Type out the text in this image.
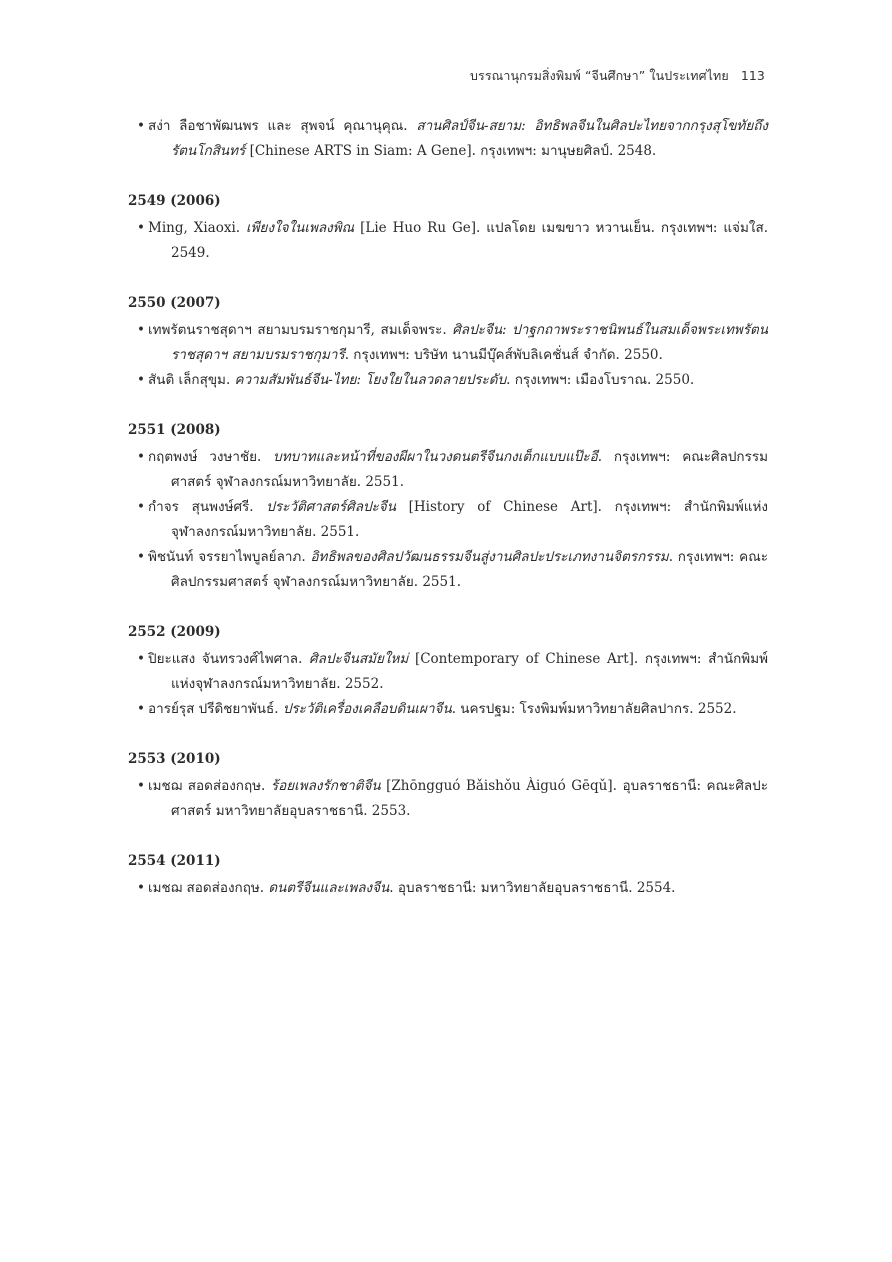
บรรณานุกรมสิ่งพิมพ์ “จีนศึกษา” ในประเทศไทย 113
• สง่า ลือชาพัฒนพร และ สุพจน์ คุณานุคุณ. สานศิลป์จีน-สยาม: อิทธิพลจีนในศิลปะไทยจากกรุงสุโขทัยถึงรัตนโกสินทร์ [Chinese ARTS in Siam: A Gene]. กรุงเทพฯ: มานุษยศิลป์. 2548.
2549 (2006)
• Ming, Xiaoxi. เพียงใจในเพลงพิณ [Lie Huo Ru Ge]. แปลโดย เมฆขาว หวานเย็น. กรุงเทพฯ: แจ่มใส. 2549.
2550 (2007)
• เทพรัตนราชสุดาฯ สยามบรมราชกุมารี, สมเด็จพระ. ศิลปะจีน: ปาฐกถาพระราชนิพนธ์ในสมเด็จพระเทพรัตนราชสุดาฯ สยามบรมราชกุมารี. กรุงเทพฯ: บริษัท นานมีบุ๊คส์พับลิเคชั่นส์ จำกัด. 2550.
• สันติ เล็กสุขุม. ความสัมพันธ์จีน-ไทย: โยงใยในลวดลายประดับ. กรุงเทพฯ: เมืองโบราณ. 2550.
2551 (2008)
• กฤตพงษ์ วงษาชัย. บทบาทและหน้าที่ของผีผาในวงดนตรีจีนกงเต็กแบบแป๊ะอี. กรุงเทพฯ: คณะศิลปกรรมศาสตร์ จุฬาลงกรณ์มหาวิทยาลัย. 2551.
• กำจร สุนพงษ์ศรี. ประวัติศาสตร์ศิลปะจีน [History of Chinese Art]. กรุงเทพฯ: สำนักพิมพ์แห่งจุฬาลงกรณ์มหาวิทยาลัย. 2551.
• พิชนันท์ จรรยาไพบูลย์ลาภ. อิทธิพลของศิลปวัฒนธรรมจีนสู่งานศิลปะประเภทงานจิตรกรรม. กรุงเทพฯ: คณะศิลปกรรมศาสตร์ จุฬาลงกรณ์มหาวิทยาลัย. 2551.
2552 (2009)
• ปิยะแสง จันทรวงศ์ไพศาล. ศิลปะจีนสมัยใหม่ [Contemporary of Chinese Art]. กรุงเทพฯ: สำนักพิมพ์แห่งจุฬาลงกรณ์มหาวิทยาลัย. 2552.
• อารย์รุส ปรีดิชยาพันธ์. ประวัติเครื่องเคลือบดินเผาจีน. นครปฐม: โรงพิมพ์มหาวิทยาลัยศิลปากร. 2552.
2553 (2010)
• เมชฌ สอดส่องกฤษ. ร้อยเพลงรักชาติจีน [Zhōngguó Bǎishǒu Àiguó Gēqǔ]. อุบลราชธานี: คณะศิลปะศาสตร์ มหาวิทยาลัยอุบลราชธานี. 2553.
2554 (2011)
• เมชฌ สอดส่องกฤษ. ดนตรีจีนและเพลงจีน. อุบลราชธานี: มหาวิทยาลัยอุบลราชธานี. 2554.
